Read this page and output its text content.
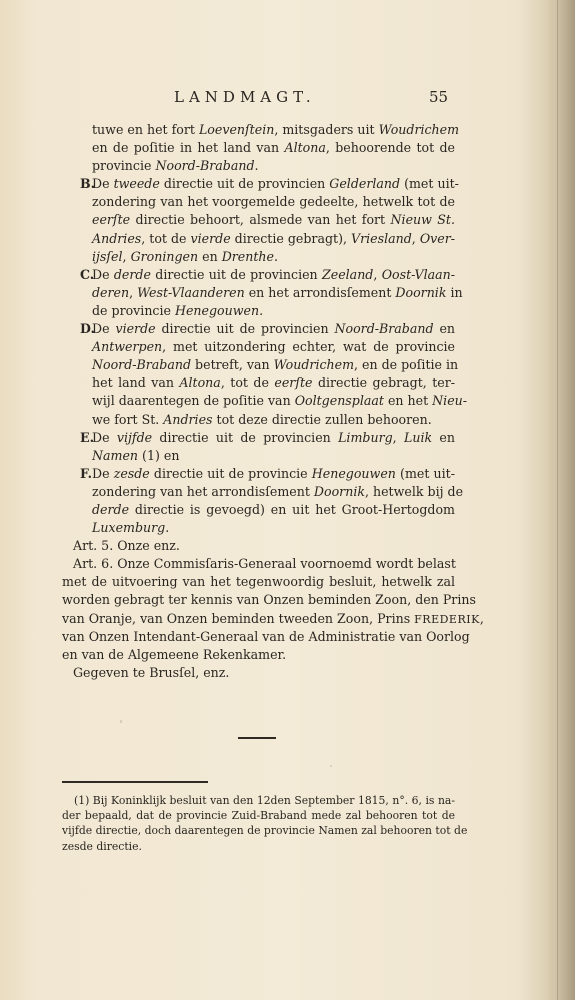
LANDMAGT.	55
tuwe en het fort Loevenſtein, mitsgaders uit Woudrichem
en de poſitie in het land van Altona, behoorende tot de
provincie Noord-Braband.
B.
De tweede directie uit de provincien Gelderland (met uit-
zondering van het voorgemelde gedeelte, hetwelk tot de
eerſte directie behoort, alsmede van het fort Nieuw St.
Andries, tot de vierde directie gebragt), Vriesland, Over-
ijsſel, Groningen en Drenthe.
C.
De derde directie uit de provincien Zeeland, Oost-Vlaan-
deren, West-Vlaanderen en het arrondisſement Doornik in
de provincie Henegouwen.
D.
De vierde directie uit de provincien Noord-Braband en
Antwerpen, met uitzondering echter, wat de provincie
Noord-Braband betreft, van Woudrichem, en de poſitie in
het land van Altona, tot de eerſte directie gebragt, ter-
wijl daarentegen de poſitie van Ooltgensplaat en het Nieu-
we fort St. Andries tot deze directie zullen behooren.
E.
De vijfde directie uit de provincien Limburg, Luik en
Namen (1) en
F. De zesde directie uit de provincie Henegouwen (met uit-
zondering van het arrondisſement Doornik, hetwelk bij de
derde directie is gevoegd) en uit het Groot-Hertogdom
Luxemburg.
Art. 5. Onze enz.
Art. 6. Onze Commisſaris-Generaal voornoemd wordt belast
met de uitvoering van het tegenwoordig besluit, hetwelk zal
worden gebragt ter kennis van Onzen beminden Zoon, den Prins
van Oranje, van Onzen beminden tweeden Zoon, Prins FREDERIK,
van Onzen Intendant-Generaal van de Administratie van Oorlog
en van de Algemeene Rekenkamer.
Gegeven te Brusſel, enz.
(1) Bij Koninklijk besluit van den 12den September 1815, n°. 6, is na-
der bepaald, dat de provincie Zuid-Braband mede zal behooren tot de
vijfde directie, doch daarentegen de provincie Namen zal behooren tot de
zesde directie.
